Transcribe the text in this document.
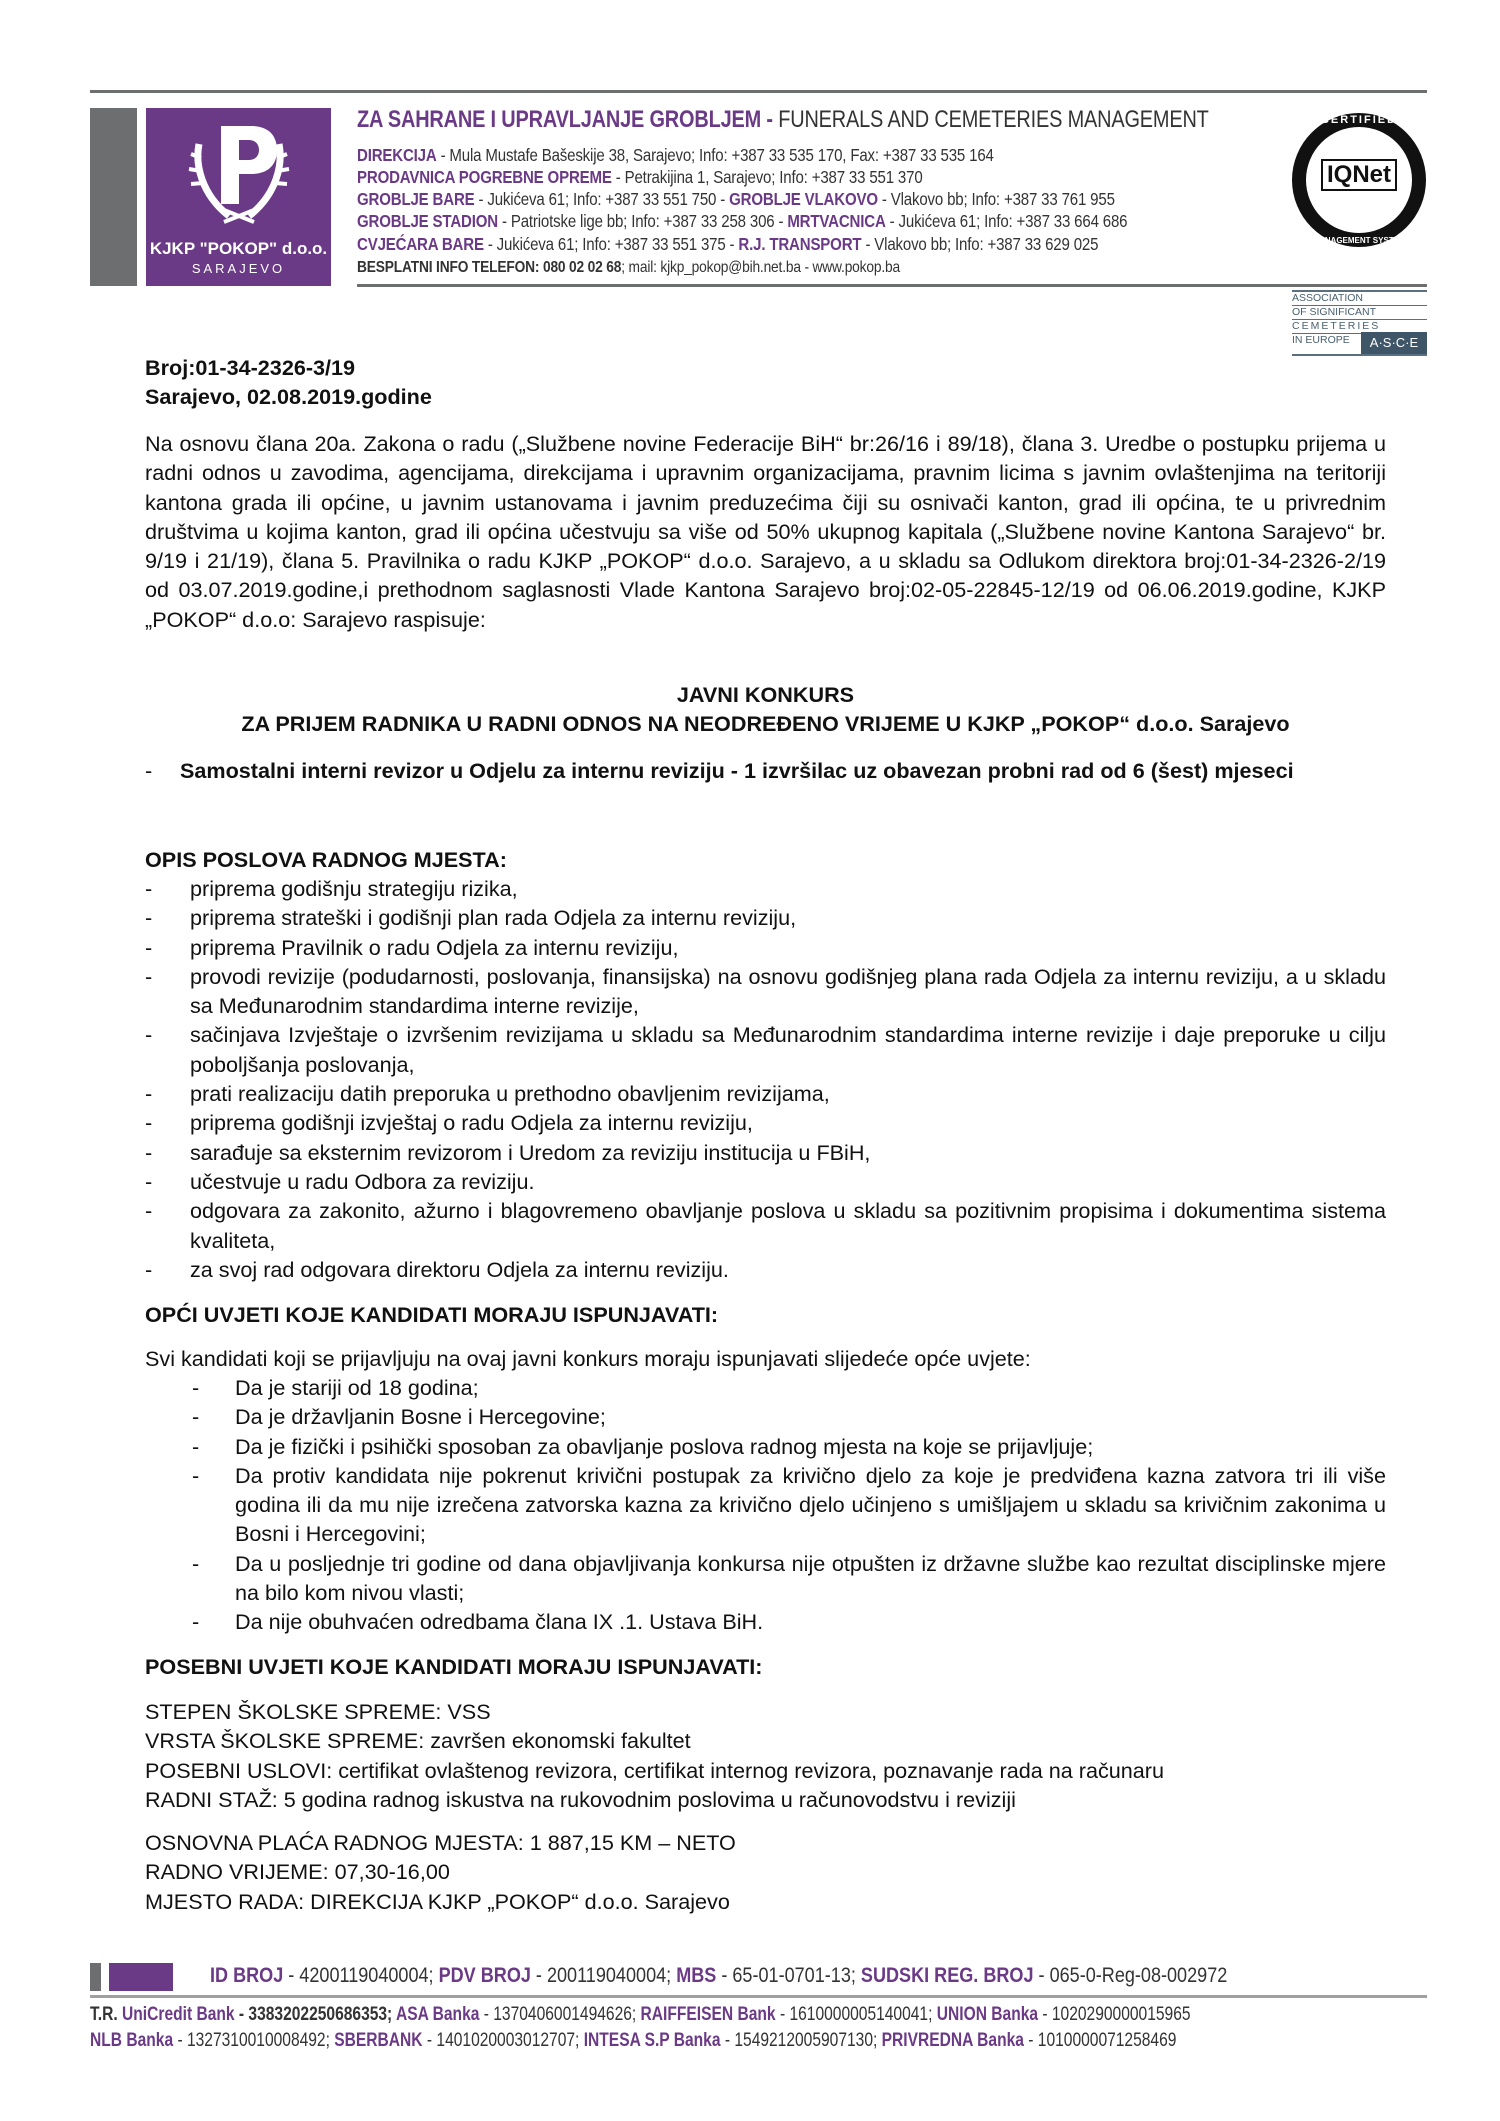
KJKP "POKOP" d.o.o.
SARAJEVO
ZA SAHRANE I UPRAVLJANJE GROBLJEM - FUNERALS AND CEMETERIES MANAGEMENT
DIREKCIJA - Mula Mustafe Bašeskije 38, Sarajevo; Info: +387 33 535 170, Fax: +387 33 535 164
PRODAVNICA POGREBNE OPREME - Petrakijina 1, Sarajevo; Info: +387 33 551 370
GROBLJE BARE - Jukićeva 61; Info: +387 33 551 750 - GROBLJE VLAKOVO - Vlakovo bb; Info: +387 33 761 955
GROBLJE STADION - Patriotske lige bb; Info: +387 33 258 306 - MRTVACNICA - Jukićeva 61; Info: +387 33 664 686
CVJEĆARA BARE - Jukićeva 61; Info: +387 33 551 375 - R.J. TRANSPORT - Vlakovo bb; Info: +387 33 629 025
BESPLATNI INFO TELEFON: 080 02 02 68; mail: kjkp_pokop@bih.net.ba - www.pokop.ba
CERTIFIED
IQNet
MANAGEMENT SYSTEM
ASSOCIATION
OF SIGNIFICANT
CEMETERIES
IN EUROPE	A·S·C·E
Broj:01-34-2326-3/19
Sarajevo, 02.08.2019.godine
Na osnovu člana 20a. Zakona o radu („Službene novine Federacije BiH“ br:26/16 i 89/18), člana 3. Uredbe o postupku prijema u radni odnos u zavodima, agencijama, direkcijama i upravnim organizacijama, pravnim licima s javnim ovlaštenjima na teritoriji kantona grada ili općine, u javnim ustanovama i javnim preduzećima čiji su osnivači kanton, grad ili općina, te u privrednim društvima u kojima kanton, grad ili općina učestvuju sa više od 50% ukupnog kapitala („Službene novine Kantona Sarajevo“ br. 9/19 i 21/19), člana 5. Pravilnika o radu KJKP „POKOP“ d.o.o. Sarajevo, a u skladu sa Odlukom direktora broj:01-34-2326-2/19 od 03.07.2019.godine,i prethodnom saglasnosti Vlade Kantona Sarajevo broj:02-05-22845-12/19 od 06.06.2019.godine, KJKP „POKOP“ d.o.o: Sarajevo raspisuje:
JAVNI KONKURS
ZA PRIJEM RADNIKA U RADNI ODNOS NA NEODREĐENO VRIJEME U KJKP „POKOP“ d.o.o. Sarajevo
- Samostalni interni revizor u Odjelu za internu reviziju - 1 izvršilac uz obavezan probni rad od 6 (šest) mjeseci
OPIS POSLOVA RADNOG MJESTA:
- priprema godišnju strategiju rizika,
- priprema strateški i godišnji plan rada Odjela za internu reviziju,
- priprema Pravilnik o radu Odjela za internu reviziju,
- provodi revizije (podudarnosti, poslovanja, finansijska) na osnovu godišnjeg plana rada Odjela za internu reviziju, a u skladu sa Međunarodnim standardima interne revizije,
- sačinjava Izvještaje o izvršenim revizijama u skladu sa Međunarodnim standardima interne revizije i daje preporuke u cilju poboljšanja poslovanja,
- prati realizaciju datih preporuka u prethodno obavljenim revizijama,
- priprema godišnji izvještaj o radu Odjela za internu reviziju,
- sarađuje sa eksternim revizorom i Uredom za reviziju institucija u FBiH,
- učestvuje u radu Odbora za reviziju.
- odgovara za zakonito, ažurno i blagovremeno obavljanje poslova u skladu sa pozitivnim propisima i dokumentima sistema kvaliteta,
- za svoj rad odgovara direktoru Odjela za internu reviziju.
OPĆI UVJETI KOJE KANDIDATI MORAJU ISPUNJAVATI:
Svi kandidati koji se prijavljuju na ovaj javni konkurs moraju ispunjavati slijedeće opće uvjete:
- Da je stariji od 18 godina;
- Da je državljanin Bosne i Hercegovine;
- Da je fizički i psihički sposoban za obavljanje poslova radnog mjesta na koje se prijavljuje;
- Da protiv kandidata nije pokrenut krivični postupak za krivično djelo za koje je predviđena kazna zatvora tri ili više godina ili da mu nije izrečena zatvorska kazna za krivično djelo učinjeno s umišljajem u skladu sa krivičnim zakonima u Bosni i Hercegovini;
- Da u posljednje tri godine od dana objavljivanja konkursa nije otpušten iz državne službe kao rezultat disciplinske mjere na bilo kom nivou vlasti;
- Da nije obuhvaćen odredbama člana IX .1. Ustava BiH.
POSEBNI UVJETI KOJE KANDIDATI MORAJU ISPUNJAVATI:
STEPEN ŠKOLSKE SPREME: VSS
VRSTA ŠKOLSKE SPREME: završen ekonomski fakultet
POSEBNI USLOVI: certifikat ovlaštenog revizora, certifikat internog revizora, poznavanje rada na računaru
RADNI STAŽ: 5 godina radnog iskustva na rukovodnim poslovima u računovodstvu i reviziji
OSNOVNA PLAĆA RADNOG MJESTA: 1 887,15 KM – NETO
RADNO VRIJEME: 07,30-16,00
MJESTO RADA: DIREKCIJA KJKP „POKOP“ d.o.o. Sarajevo
ID BROJ - 4200119040004; PDV BROJ - 200119040004; MBS - 65-01-0701-13; SUDSKI REG. BROJ - 065-0-Reg-08-002972
T.R. UniCredit Bank - 3383202250686353; ASA Banka - 1370406001494626; RAIFFEISEN Bank - 1610000005140041; UNION Banka - 1020290000015965
NLB Banka - 1327310010008492; SBERBANK - 1401020003012707; INTESA S.P Banka - 1549212005907130; PRIVREDNA Banka - 1010000071258469
